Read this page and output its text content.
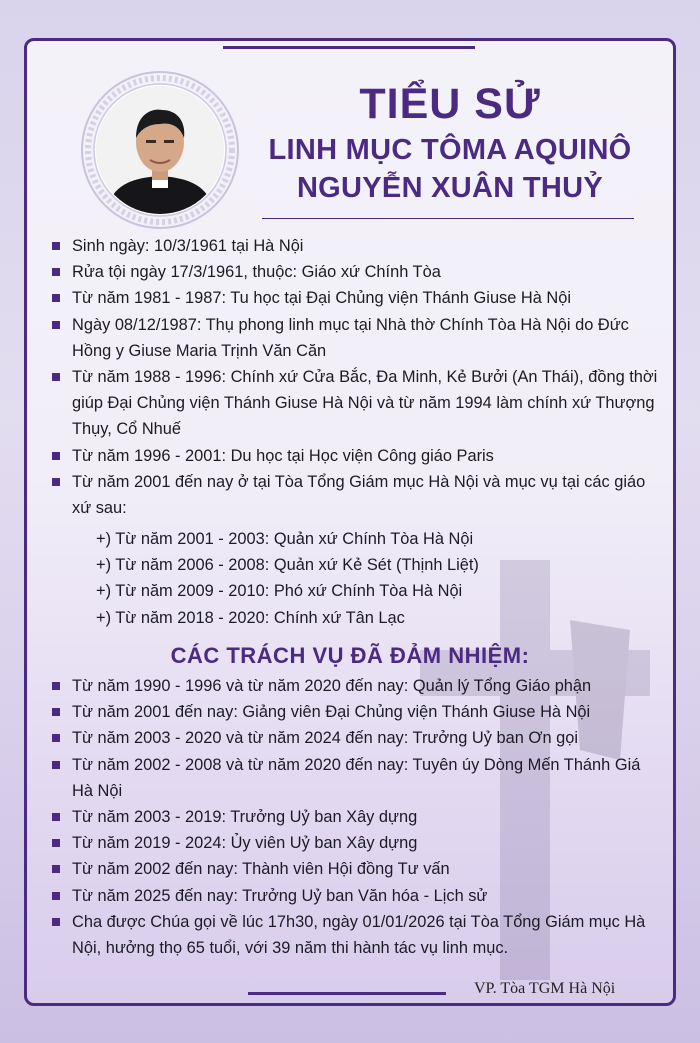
TIỂU SỬ
LINH MỤC TÔMA AQUINÔ
NGUYỄN XUÂN THUỶ
Sinh ngày: 10/3/1961 tại Hà Nội
Rửa tội ngày 17/3/1961, thuộc: Giáo xứ Chính Tòa
Từ năm 1981 - 1987: Tu học tại Đại Chủng viện Thánh Giuse Hà Nội
Ngày 08/12/1987: Thụ phong linh mục tại Nhà thờ Chính Tòa Hà Nội do Đức Hồng y Giuse Maria Trịnh Văn Căn
Từ năm 1988 - 1996: Chính xứ Cửa Bắc, Đa Minh, Kẻ Bưởi (An Thái), đồng thời giúp Đại Chủng viện Thánh Giuse Hà Nội và từ năm 1994 làm chính xứ Thượng Thụy, Cổ Nhuế
Từ năm 1996 - 2001: Du học tại Học viện Công giáo Paris
Từ năm 2001 đến nay ở tại Tòa Tổng Giám mục Hà Nội và mục vụ tại các giáo xứ sau:
+) Từ năm 2001 - 2003: Quản xứ Chính Tòa Hà Nội
+) Từ năm 2006 - 2008: Quản xứ Kẻ Sét (Thịnh Liệt)
+) Từ năm 2009 - 2010: Phó xứ Chính Tòa Hà Nội
+) Từ năm 2018 - 2020: Chính xứ Tân Lạc
CÁC TRÁCH VỤ ĐÃ ĐẢM NHIỆM:
Từ năm 1990 - 1996 và từ năm 2020 đến nay: Quản lý Tổng Giáo phận
Từ năm 2001 đến nay: Giảng viên Đại Chủng viện Thánh Giuse Hà Nội
Từ năm 2003 - 2020 và từ năm 2024 đến nay: Trưởng Uỷ ban Ơn gọi
Từ năm 2002 - 2008 và từ năm 2020 đến nay: Tuyên úy Dòng Mến Thánh Giá Hà Nội
Từ năm 2003 - 2019: Trưởng Uỷ ban Xây dựng
Từ năm 2019 - 2024: Ủy viên Uỷ ban Xây dựng
Từ năm 2002 đến nay: Thành viên Hội đồng Tư vấn
Từ năm 2025 đến nay: Trưởng Uỷ ban Văn hóa - Lịch sử
Cha được Chúa gọi về lúc 17h30, ngày 01/01/2026 tại Tòa Tổng Giám mục Hà Nội, hưởng thọ 65 tuổi, với 39 năm thi hành tác vụ linh mục.
VP. Tòa TGM Hà Nội
